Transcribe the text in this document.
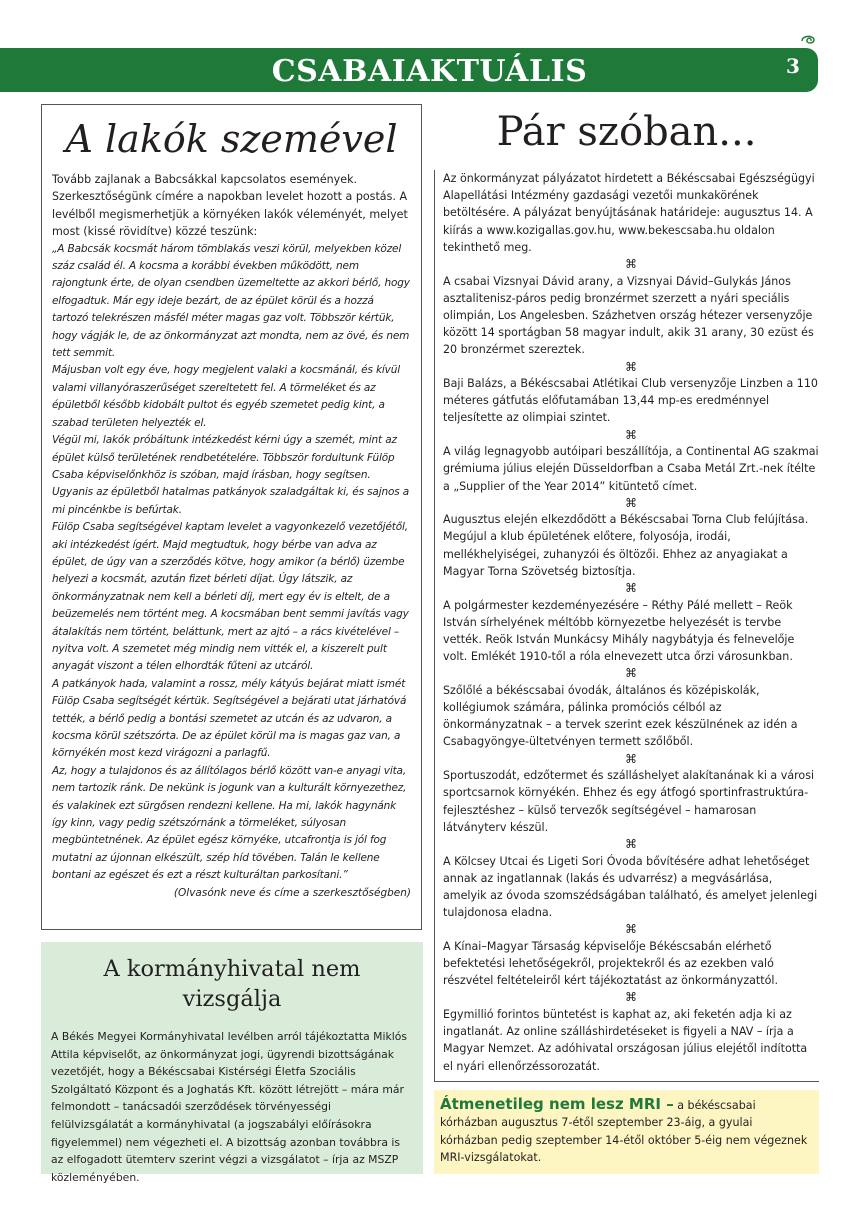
CSABAIAKTUÁLIS	3
A lakók szemével

Tovább zajlanak a Babcsákkal kapcsolatos események. Szerkesztőségünk címére a napokban levelet hozott a postás. A levélből megismerhetjük a környéken lakók véleményét, melyet most (kissé rövidítve) közzé teszünk:

„A Babcsák kocsmát három tömblakás veszi körül, melyekben közel száz család él. A kocsma a korábbi években működött, nem rajongtunk érte, de olyan csendben üzemeltette az akkori bérlő, hogy elfogadtuk. Már egy ideje bezárt, de az épület körül és a hozzá tartozó telekrészen másfél méter magas gaz volt. Többször kértük, hogy vágják le, de az önkormányzat azt mondta, nem az övé, és nem tett semmit.

Májusban volt egy éve, hogy megjelent valaki a kocsmánál, és kívül valami villanyóraszerűséget szereltetett fel. A törmeléket és az épületből később kidobált pultot és egyéb szemetet pedig kint, a szabad területen helyezték el.

Végül mi, lakók próbáltunk intézkedést kérni úgy a szemét, mint az épület külső területének rendbetételére. Többször fordultunk Fülöp Csaba képviselőnkhöz is szóban, majd írásban, hogy segítsen. Ugyanis az épületből hatalmas patkányok szaladgáltak ki, és sajnos a mi pincénkbe is befúrtak.

Fülöp Csaba segítségével kaptam levelet a vagyonkezelő vezetőjétől, aki intézkedést ígért. Majd megtudtuk, hogy bérbe van adva az épület, de úgy van a szerződés kötve, hogy amikor (a bérlő) üzembe helyezi a kocsmát, azután fizet bérleti díjat. Úgy látszik, az önkormányzatnak nem kell a bérleti díj, mert egy év is eltelt, de a beüzemelés nem történt meg. A kocsmában bent semmi javítás vagy átalakítás nem történt, beláttunk, mert az ajtó – a rács kivételével – nyitva volt. A szemetet még mindig nem vitték el, a kiszerelt pult anyagát viszont a télen elhordták fűteni az utcáról.

A patkányok hada, valamint a rossz, mély kátyús bejárat miatt ismét Fülöp Csaba segítségét kértük. Segítségével a bejárati utat járhatóvá tették, a bérlő pedig a bontási szemetet az utcán és az udvaron, a kocsma körül szétszórta. De az épület körül ma is magas gaz van, a környékén most kezd virágozni a parlagfű.

Az, hogy a tulajdonos és az állítólagos bérlő között van-e anyagi vita, nem tartozik ránk. De nekünk is jogunk van a kulturált környezethez, és valakinek ezt sürgősen rendezni kellene. Ha mi, lakók hagynánk így kinn, vagy pedig szétszórnánk a törmeléket, súlyosan megbüntetnének. Az épület egész környéke, utcafrontja is jól fog mutatni az újonnan elkészült, szép híd tövében. Talán le kellene bontani az egészet és ezt a részt kulturáltan parkosítani.”

(Olvasónk neve és címe a szerkesztőségben)

A kormányhivatal nem vizsgálja

A Békés Megyei Kormányhivatal levélben arról tájékoztatta Miklós Attila képviselőt, az önkormányzat jogi, ügyrendi bizottságának vezetőjét, hogy a Békéscsabai Kistérségi Életfa Szociális Szolgáltató Központ és a Joghatás Kft. között létrejött – mára már felmondott – tanácsadói szerződések törvényességi felülvizsgálatát a kormányhivatal (a jogszabályi előírásokra figyelemmel) nem végezheti el. A bizottság azonban továbbra is az elfogadott ütemterv szerint végzi a vizsgálatot – írja az MSZP közleményében.

Pár szóban...

Az önkormányzat pályázatot hirdetett a Békéscsabai Egészségügyi Alapellátási Intézmény gazdasági vezetői munkakörének betöltésére. A pályázat benyújtásának határideje: augusztus 14. A kiírás a www.kozigallas.gov.hu, www.bekescsaba.hu oldalon tekinthető meg.

⌘

A csabai Vizsnyai Dávid arany, a Vizsnyai Dávid–Gulykás János asztalitenisz-páros pedig bronzérmet szerzett a nyári speciális olimpián, Los Angelesben. Százhetven ország hétezer versenyzője között 14 sportágban 58 magyar indult, akik 31 arany, 30 ezüst és 20 bronzérmet szereztek.

⌘

Baji Balázs, a Békéscsabai Atlétikai Club versenyzője Linzben a 110 méteres gátfutás előfutamában 13,44 mp-es eredménnyel teljesítette az olimpiai szintet.

⌘

A világ legnagyobb autóipari beszállítója, a Continental AG szakmai grémiuma július elején Düsseldorfban a Csaba Metál Zrt.-nek ítélte a „Supplier of the Year 2014” kitüntető címet.

⌘

Augusztus elején elkezdődött a Békéscsabai Torna Club felújítása. Megújul a klub épületének előtere, folyosója, irodái, mellékhelyiségei, zuhanyzói és öltözői. Ehhez az anyagiakat a Magyar Torna Szövetség biztosítja.

⌘

A polgármester kezdeményezésére – Réthy Pálé mellett – Reök István sírhelyének méltóbb környezetbe helyezését is tervbe vették. Reök István Munkácsy Mihály nagybátyja és felnevelője volt. Emlékét 1910-től a róla elnevezett utca őrzi városunkban.

⌘

Szőlőlé a békéscsabai óvodák, általános és középiskolák, kollégiumok számára, pálinka promóciós célból az önkormányzatnak – a tervek szerint ezek készülnének az idén a Csabagyöngye-ültetvényen termett szőlőből.

⌘

Sportuszodát, edzőtermet és szálláshelyet alakítanának ki a városi sportcsarnok környékén. Ehhez és egy átfogó sportinfrastruktúra-fejlesztéshez – külső tervezők segítségével – hamarosan látványterv készül.

⌘

A Kölcsey Utcai és Ligeti Sori Óvoda bővítésére adhat lehetőséget annak az ingatlannak (lakás és udvarrész) a megvásárlása, amelyik az óvoda szomszédságában található, és amelyet jelenlegi tulajdonosa eladna.

⌘

A Kínai–Magyar Társaság képviselője Békéscsabán elérhető befektetési lehetőségekről, projektekről és az ezekben való részvétel feltételeiről kért tájékoztatást az önkormányzattól.

⌘

Egymillió forintos büntetést is kaphat az, aki feketén adja ki az ingatlanát. Az online szálláshirdetéseket is figyeli a NAV – írja a Magyar Nemzet. Az adóhivatal országosan július elejétől indította el nyári ellenőrzéssorozatát.

Átmenetileg nem lesz MRI – a békéscsabai kórházban augusztus 7-étől szeptember 23-áig, a gyulai kórházban pedig szeptember 14-étől október 5-éig nem végeznek MRI-vizsgálatokat.
